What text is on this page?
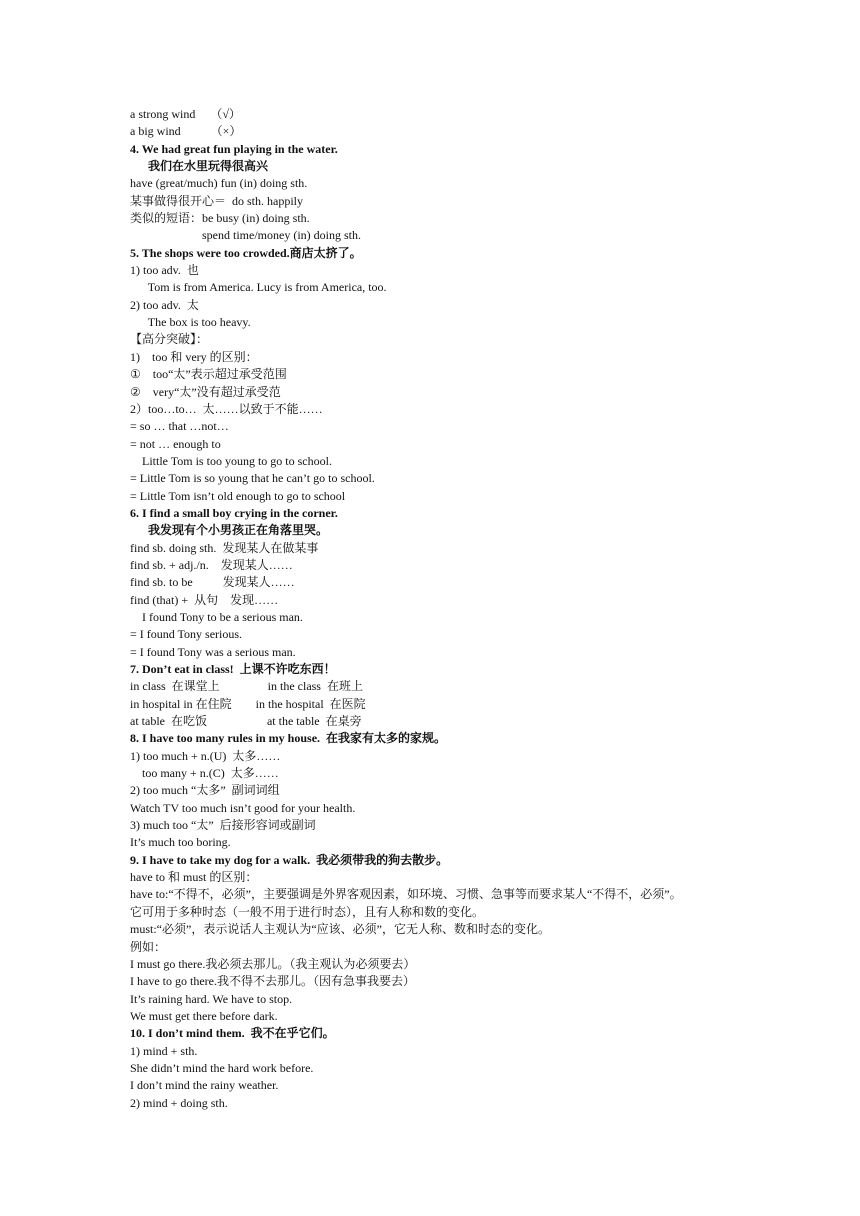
a strong wind     （√）
a big wind          （×）
4. We had great fun playing in the water.
我们在水里玩得很高兴
have (great/much) fun (in) doing sth.
某事做得很开心＝  do sth. happily
类似的短语：be busy (in) doing sth.
spend time/money (in) doing sth.
5. The shops were too crowded.商店太挤了。
1) too adv.  也
Tom is from America. Lucy is from America, too.
2) too adv.  太
The box is too heavy.
【高分突破】：
1)    too 和 very 的区别：
①    too“太”表示超过承受范围
②    very“太”没有超过承受范
2）too…to…  太……以致于不能……
= so … that …not…
= not … enough to
Little Tom is too young to go to school.
= Little Tom is so young that he can’t go to school.
= Little Tom isn’t old enough to go to school
6. I find a small boy crying in the corner.
我发现有个小男孩正在角落里哭。
find sb. doing sth.  发现某人在做某事
find sb. + adj./n.    发现某人……
find sb. to be          发现某人……
find (that) +  从句    发现……
I found Tony to be a serious man.
= I found Tony serious.
= I found Tony was a serious man.
7. Don’t eat in class!  上课不许吃东西！
in class  在课堂上                in the class  在班上
in hospital in 在住院        in the hospital  在医院
at table  在吃饭                    at the table  在桌旁
8. I have too many rules in my house.  在我家有太多的家规。
1) too much + n.(U)  太多……
too many + n.(C)  太多……
2) too much “太多”  副词词组
Watch TV too much isn’t good for your health.
3) much too “太”  后接形容词或副词
It’s much too boring.
9. I have to take my dog for a walk.  我必须带我的狗去散步。
have to 和 must 的区别：
have to:“不得不，必须”，主要强调是外界客观因素，如环境、习惯、急事等而要求某人“不得不，必须”。
它可用于多种时态（一般不用于进行时态），且有人称和数的变化。
must:“必须”，表示说话人主观认为“应该、必须”，它无人称、数和时态的变化。
例如：
I must go there.我必须去那儿。（我主观认为必须要去）
I have to go there.我不得不去那儿。（因有急事我要去）
It’s raining hard. We have to stop.
We must get there before dark.
10. I don’t mind them.  我不在乎它们。
1) mind + sth.
She didn’t mind the hard work before.
I don’t mind the rainy weather.
2) mind + doing sth.
